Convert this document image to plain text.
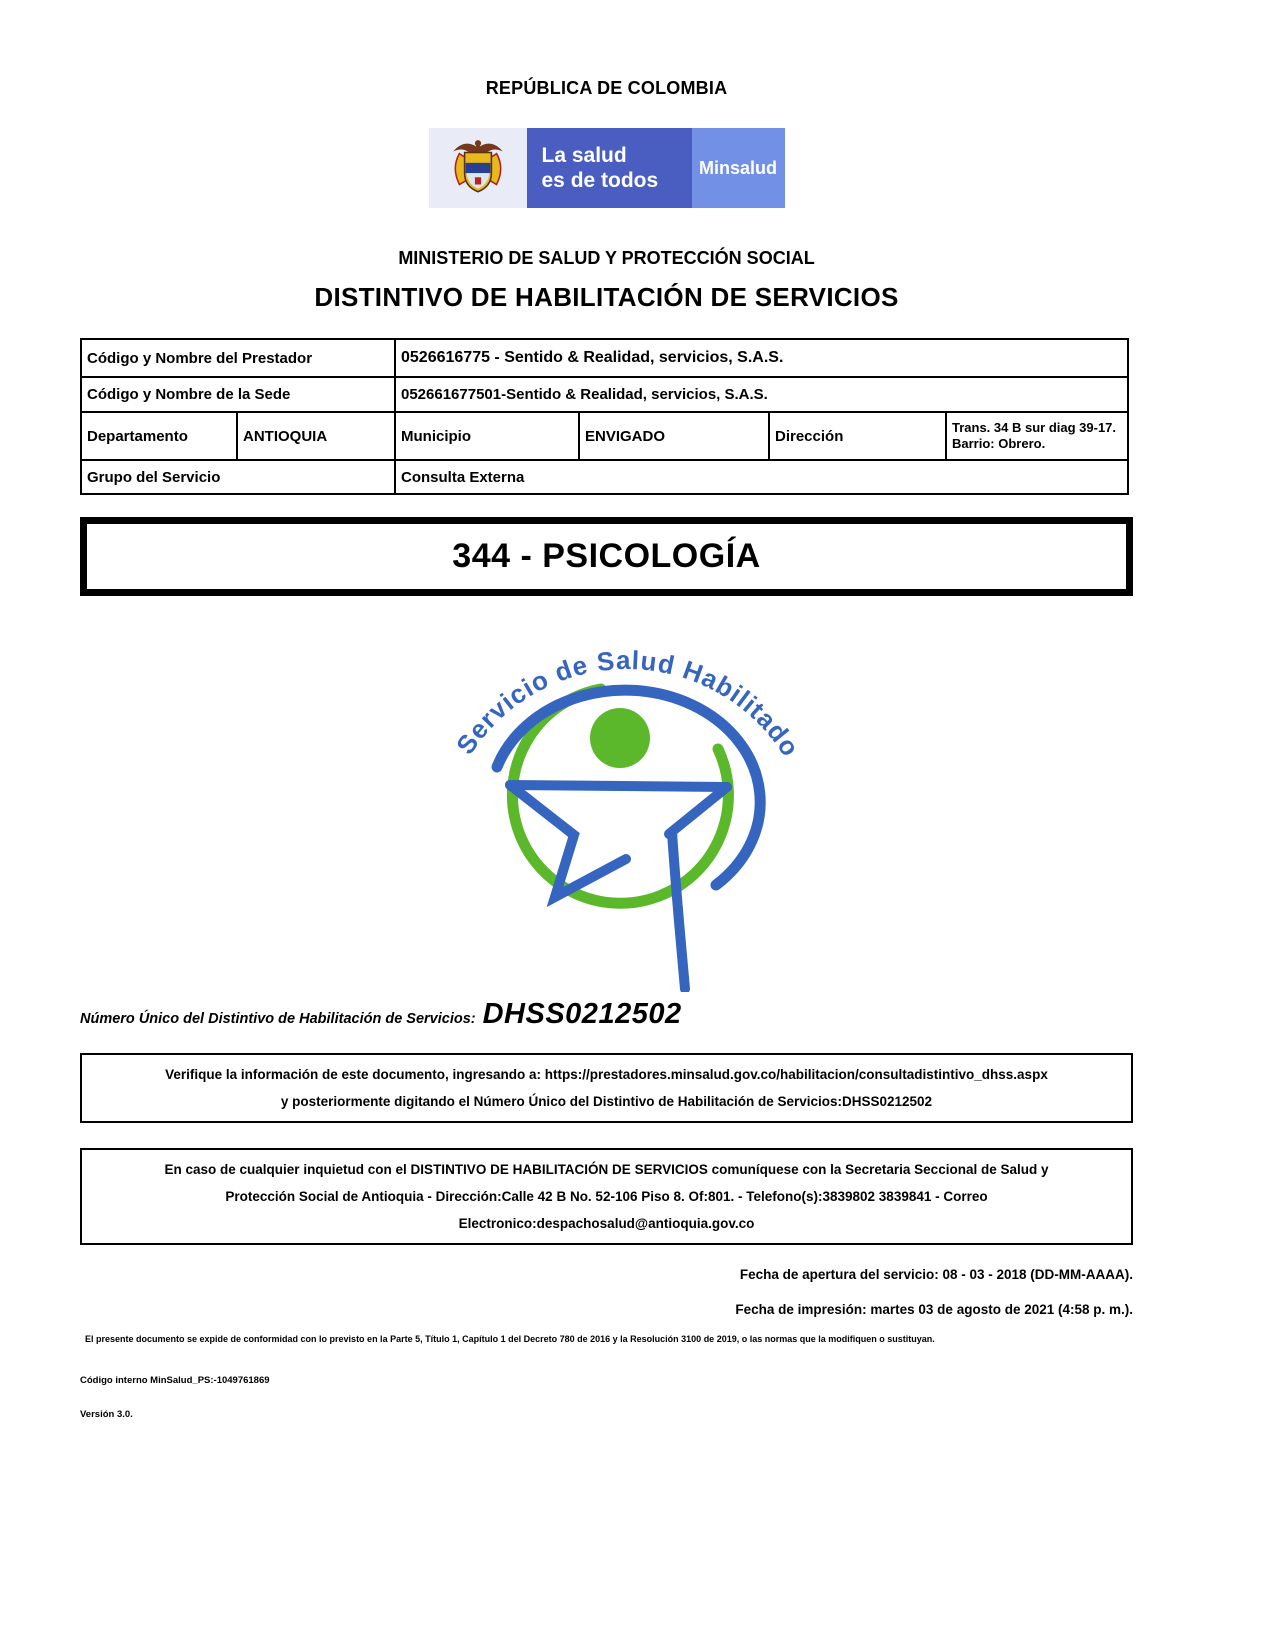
REPÚBLICA DE COLOMBIA
La salud
es de todos
Minsalud
MINISTERIO DE SALUD Y PROTECCIÓN SOCIAL
DISTINTIVO DE HABILITACIÓN DE SERVICIOS
Código y Nombre del Prestador	0526616775 - Sentido & Realidad, servicios, S.A.S.
Código y Nombre de la Sede	052661677501-Sentido & Realidad, servicios, S.A.S.
Departamento	ANTIOQUIA	Municipio	ENVIGADO	Dirección	Trans. 34 B sur diag 39-17.
Barrio: Obrero.
Grupo del Servicio	Consulta Externa
344 - PSICOLOGÍA
Servicio de Salud Habilitado
Número Único del Distintivo de Habilitación de Servicios: DHSS0212502
Verifique la información de este documento, ingresando a: https://prestadores.minsalud.gov.co/habilitacion/consultadistintivo_dhss.aspx
y posteriormente digitando el Número Único del Distintivo de Habilitación de Servicios:DHSS0212502
En caso de cualquier inquietud con el DISTINTIVO DE HABILITACIÓN DE SERVICIOS comuníquese con la Secretaria Seccional de Salud y
Protección Social de Antioquia - Dirección:Calle 42 B No. 52-106 Piso 8. Of:801. - Telefono(s):3839802 3839841 - Correo
Electronico:despachosalud@antioquia.gov.co
Fecha de apertura del servicio: 08 - 03 - 2018 (DD-MM-AAAA).
Fecha de impresión: martes 03 de agosto de 2021 (4:58 p. m.).
El presente documento se expide de conformidad con lo previsto en la Parte 5, Título 1, Capítulo 1 del Decreto 780 de 2016 y la Resolución 3100 de 2019, o las normas que la modifiquen o sustituyan.
Código interno MinSalud_PS:-1049761869
Versión 3.0.
